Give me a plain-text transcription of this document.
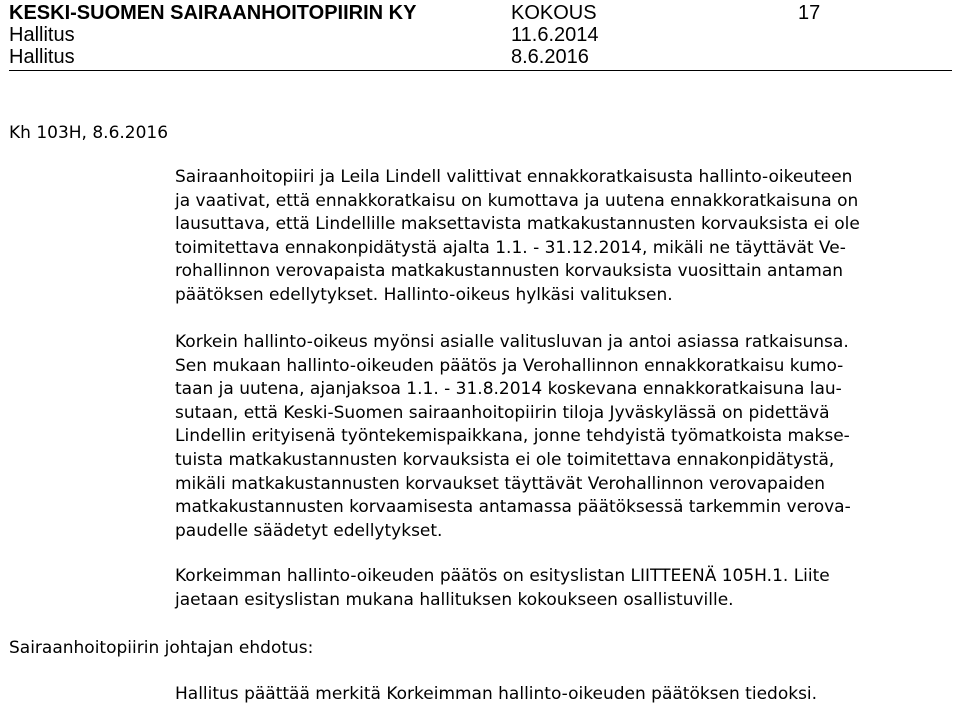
KESKI-SUOMEN SAIRAANHOITOPIIRIN KY	KOKOUS	17
Hallitus	11.6.2014
Hallitus	8.6.2016
Kh 103H, 8.6.2016
Sairaanhoitopiiri ja Leila Lindell valittivat ennakkoratkaisusta hallinto-oikeuteen
ja vaativat, että ennakkoratkaisu on kumottava ja uutena ennakkoratkaisuna on
lausuttava, että Lindellille maksettavista matkakustannusten korvauksista ei ole
toimitettava ennakonpidätystä ajalta 1.1. - 31.12.2014, mikäli ne täyttävät Ve-
rohallinnon verovapaista matkakustannusten korvauksista vuosittain antaman
päätöksen edellytykset. Hallinto-oikeus hylkäsi valituksen.
Korkein hallinto-oikeus myönsi asialle valitusluvan ja antoi asiassa ratkaisunsa.
Sen mukaan hallinto-oikeuden päätös ja Verohallinnon ennakkoratkaisu kumo-
taan ja uutena, ajanjaksoa 1.1. - 31.8.2014 koskevana ennakkoratkaisuna lau-
sutaan, että Keski-Suomen sairaanhoitopiirin tiloja Jyväskylässä on pidettävä
Lindellin erityisenä työntekemispaikkana, jonne tehdyistä työmatkoista makse-
tuista matkakustannusten korvauksista ei ole toimitettava ennakonpidätystä,
mikäli matkakustannusten korvaukset täyttävät Verohallinnon verovapaiden
matkakustannusten korvaamisesta antamassa päätöksessä tarkemmin verova-
paudelle säädetyt edellytykset.
Korkeimman hallinto-oikeuden päätös on esityslistan LIITTEENÄ 105H.1. Liite
jaetaan esityslistan mukana hallituksen kokoukseen osallistuville.
Sairaanhoitopiirin johtajan ehdotus:
Hallitus päättää merkitä Korkeimman hallinto-oikeuden päätöksen tiedoksi.
